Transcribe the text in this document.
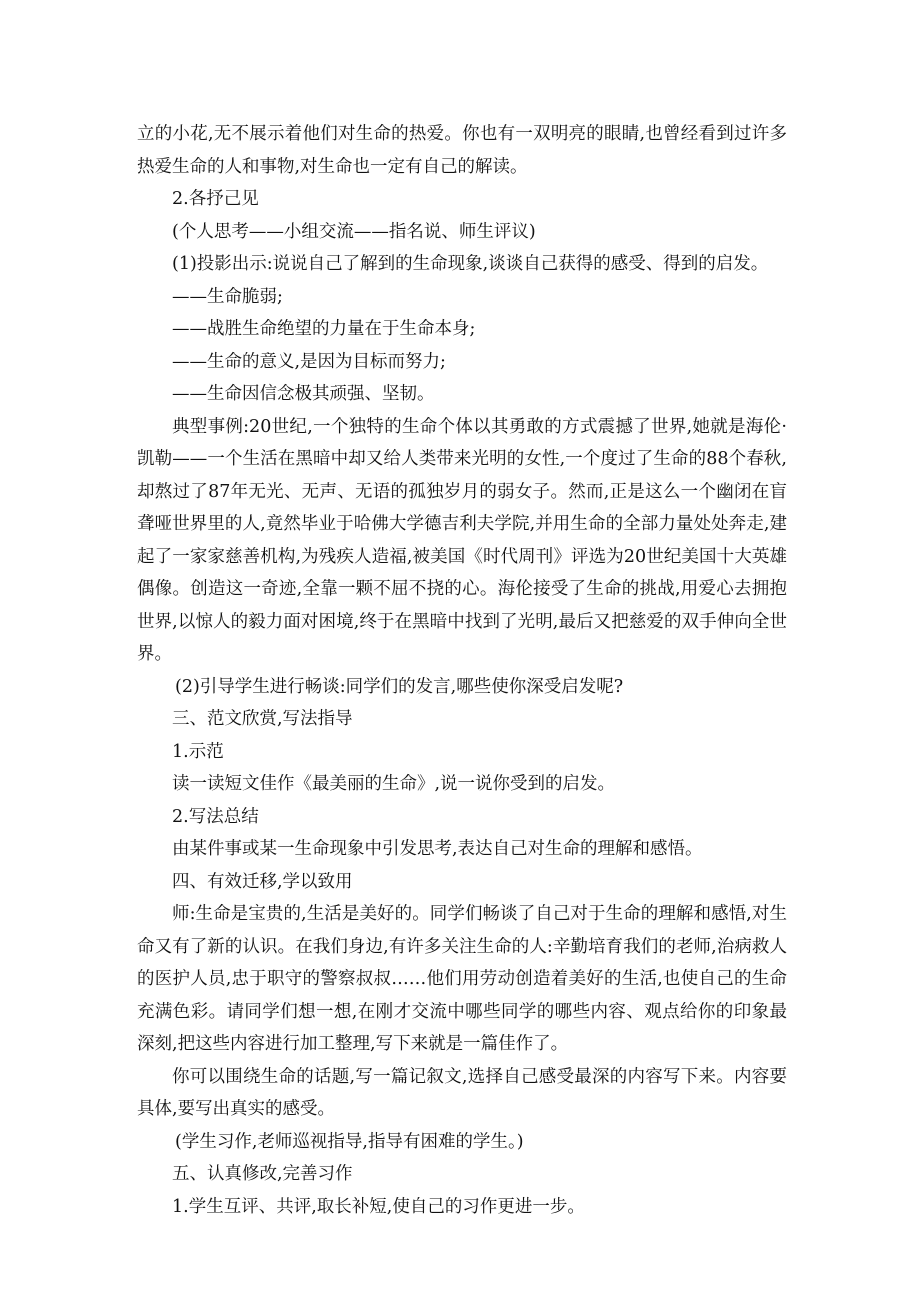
立的小花,无不展示着他们对生命的热爱。你也有一双明亮的眼睛,也曾经看到过许多热爱生命的人和事物,对生命也一定有自己的解读。

2.各抒己见

(个人思考——小组交流——指名说、师生评议)

(1)投影出示:说说自己了解到的生命现象,谈谈自己获得的感受、得到的启发。

——生命脆弱;

——战胜生命绝望的力量在于生命本身;

——生命的意义,是因为目标而努力;

——生命因信念极其顽强、坚韧。

典型事例:20世纪,一个独特的生命个体以其勇敢的方式震撼了世界,她就是海伦·凯勒——一个生活在黑暗中却又给人类带来光明的女性,一个度过了生命的88个春秋,却熬过了87年无光、无声、无语的孤独岁月的弱女子。然而,正是这么一个幽闭在盲聋哑世界里的人,竟然毕业于哈佛大学德吉利夫学院,并用生命的全部力量处处奔走,建起了一家家慈善机构,为残疾人造福,被美国《时代周刊》评选为20世纪美国十大英雄偶像。创造这一奇迹,全靠一颗不屈不挠的心。海伦接受了生命的挑战,用爱心去拥抱世界,以惊人的毅力面对困境,终于在黑暗中找到了光明,最后又把慈爱的双手伸向全世界。

(2)引导学生进行畅谈:同学们的发言,哪些使你深受启发呢?

三、范文欣赏,写法指导

1.示范

读一读短文佳作《最美丽的生命》,说一说你受到的启发。

2.写法总结

由某件事或某一生命现象中引发思考,表达自己对生命的理解和感悟。

四、有效迁移,学以致用

师:生命是宝贵的,生活是美好的。同学们畅谈了自己对于生命的理解和感悟,对生命又有了新的认识。在我们身边,有许多关注生命的人:辛勤培育我们的老师,治病救人的医护人员,忠于职守的警察叔叔……他们用劳动创造着美好的生活,也使自己的生命充满色彩。请同学们想一想,在刚才交流中哪些同学的哪些内容、观点给你的印象最深刻,把这些内容进行加工整理,写下来就是一篇佳作了。

你可以围绕生命的话题,写一篇记叙文,选择自己感受最深的内容写下来。内容要具体,要写出真实的感受。

(学生习作,老师巡视指导,指导有困难的学生。)

五、认真修改,完善习作

1.学生互评、共评,取长补短,使自己的习作更进一步。
